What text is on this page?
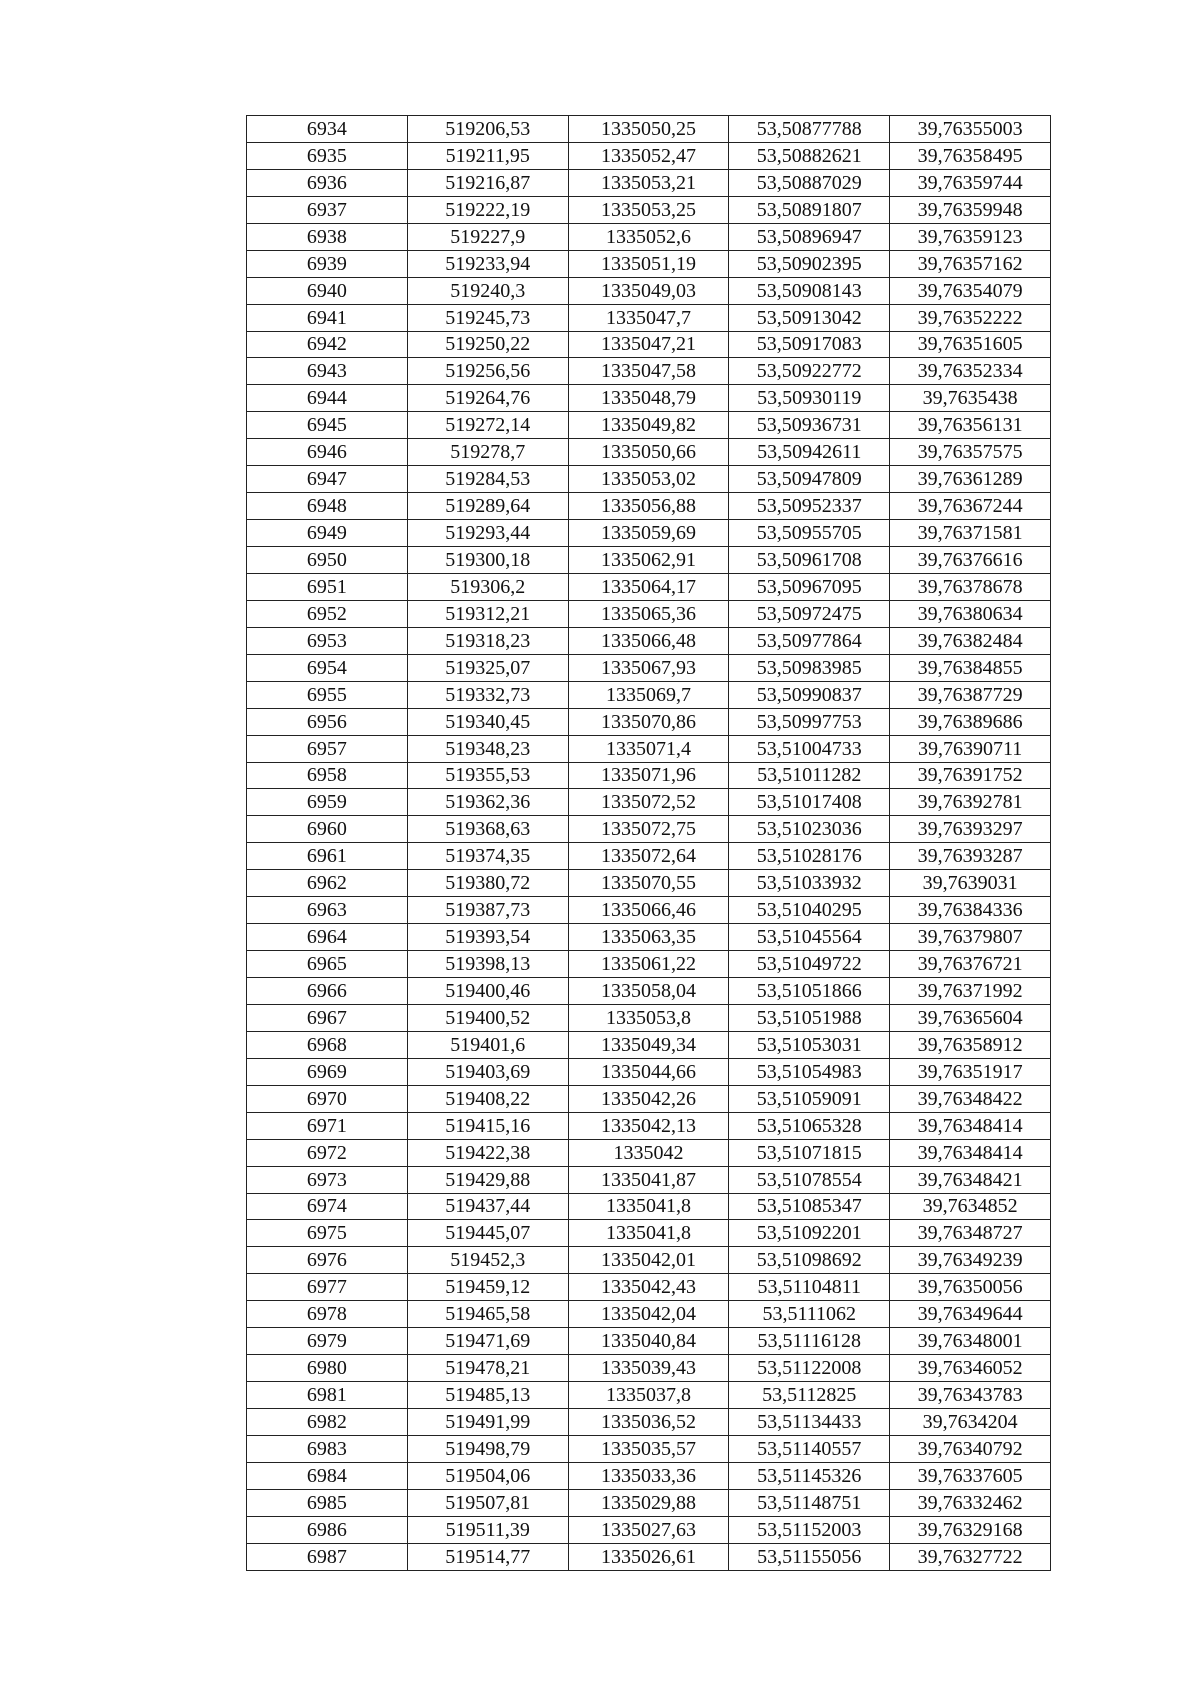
6934	519206,53	1335050,25	53,50877788	39,76355003
6935	519211,95	1335052,47	53,50882621	39,76358495
6936	519216,87	1335053,21	53,50887029	39,76359744
6937	519222,19	1335053,25	53,50891807	39,76359948
6938	519227,9	1335052,6	53,50896947	39,76359123
6939	519233,94	1335051,19	53,50902395	39,76357162
6940	519240,3	1335049,03	53,50908143	39,76354079
6941	519245,73	1335047,7	53,50913042	39,76352222
6942	519250,22	1335047,21	53,50917083	39,76351605
6943	519256,56	1335047,58	53,50922772	39,76352334
6944	519264,76	1335048,79	53,50930119	39,7635438
6945	519272,14	1335049,82	53,50936731	39,76356131
6946	519278,7	1335050,66	53,50942611	39,76357575
6947	519284,53	1335053,02	53,50947809	39,76361289
6948	519289,64	1335056,88	53,50952337	39,76367244
6949	519293,44	1335059,69	53,50955705	39,76371581
6950	519300,18	1335062,91	53,50961708	39,76376616
6951	519306,2	1335064,17	53,50967095	39,76378678
6952	519312,21	1335065,36	53,50972475	39,76380634
6953	519318,23	1335066,48	53,50977864	39,76382484
6954	519325,07	1335067,93	53,50983985	39,76384855
6955	519332,73	1335069,7	53,50990837	39,76387729
6956	519340,45	1335070,86	53,50997753	39,76389686
6957	519348,23	1335071,4	53,51004733	39,76390711
6958	519355,53	1335071,96	53,51011282	39,76391752
6959	519362,36	1335072,52	53,51017408	39,76392781
6960	519368,63	1335072,75	53,51023036	39,76393297
6961	519374,35	1335072,64	53,51028176	39,76393287
6962	519380,72	1335070,55	53,51033932	39,7639031
6963	519387,73	1335066,46	53,51040295	39,76384336
6964	519393,54	1335063,35	53,51045564	39,76379807
6965	519398,13	1335061,22	53,51049722	39,76376721
6966	519400,46	1335058,04	53,51051866	39,76371992
6967	519400,52	1335053,8	53,51051988	39,76365604
6968	519401,6	1335049,34	53,51053031	39,76358912
6969	519403,69	1335044,66	53,51054983	39,76351917
6970	519408,22	1335042,26	53,51059091	39,76348422
6971	519415,16	1335042,13	53,51065328	39,76348414
6972	519422,38	1335042	53,51071815	39,76348414
6973	519429,88	1335041,87	53,51078554	39,76348421
6974	519437,44	1335041,8	53,51085347	39,7634852
6975	519445,07	1335041,8	53,51092201	39,76348727
6976	519452,3	1335042,01	53,51098692	39,76349239
6977	519459,12	1335042,43	53,51104811	39,76350056
6978	519465,58	1335042,04	53,5111062	39,76349644
6979	519471,69	1335040,84	53,51116128	39,76348001
6980	519478,21	1335039,43	53,51122008	39,76346052
6981	519485,13	1335037,8	53,5112825	39,76343783
6982	519491,99	1335036,52	53,51134433	39,7634204
6983	519498,79	1335035,57	53,51140557	39,76340792
6984	519504,06	1335033,36	53,51145326	39,76337605
6985	519507,81	1335029,88	53,51148751	39,76332462
6986	519511,39	1335027,63	53,51152003	39,76329168
6987	519514,77	1335026,61	53,51155056	39,76327722
